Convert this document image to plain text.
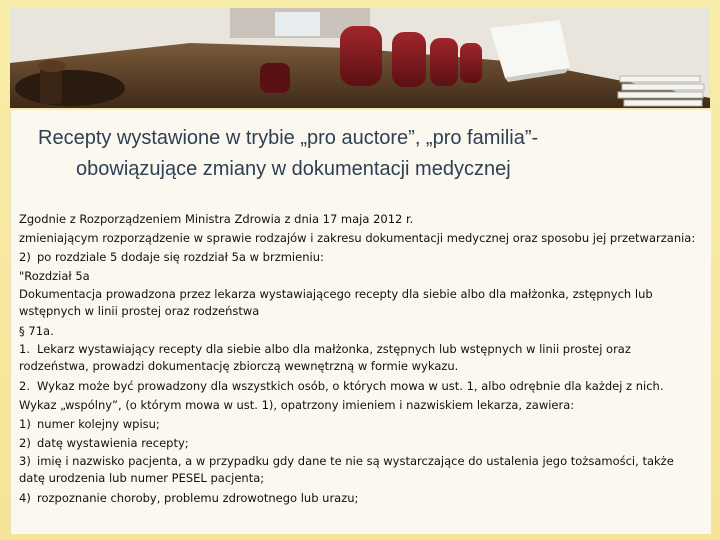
Recepty wystawione w trybie „pro auctore”, „pro familia”-
obowiązujące zmiany w dokumentacji medycznej
Zgodnie z Rozporządzeniem Ministra Zdrowia z dnia 17 maja 2012 r.
zmieniającym rozporządzenie w sprawie rodzajów i zakresu dokumentacji medycznej oraz sposobu jej przetwarzania:
2) po rozdziale 5 dodaje się rozdział 5a w brzmieniu:
"Rozdział 5a
Dokumentacja prowadzona przez lekarza wystawiającego recepty dla siebie albo dla małżonka, zstępnych lub wstępnych w linii prostej oraz rodzeństwa
§ 71a.
1. Lekarz wystawiający recepty dla siebie albo dla małżonka, zstępnych lub wstępnych w linii prostej oraz rodzeństwa, prowadzi dokumentację zbiorczą wewnętrzną w formie wykazu.
2. Wykaz może być prowadzony dla wszystkich osób, o których mowa w ust. 1, albo odrębnie dla każdej z nich.
Wykaz „wspólny”, (o którym mowa w ust. 1), opatrzony imieniem i nazwiskiem lekarza, zawiera:
1) numer kolejny wpisu;
2) datę wystawienia recepty;
3) imię i nazwisko pacjenta, a w przypadku gdy dane te nie są wystarczające do ustalenia jego tożsamości, także datę urodzenia lub numer PESEL pacjenta;
4) rozpoznanie choroby, problemu zdrowotnego lub urazu;
